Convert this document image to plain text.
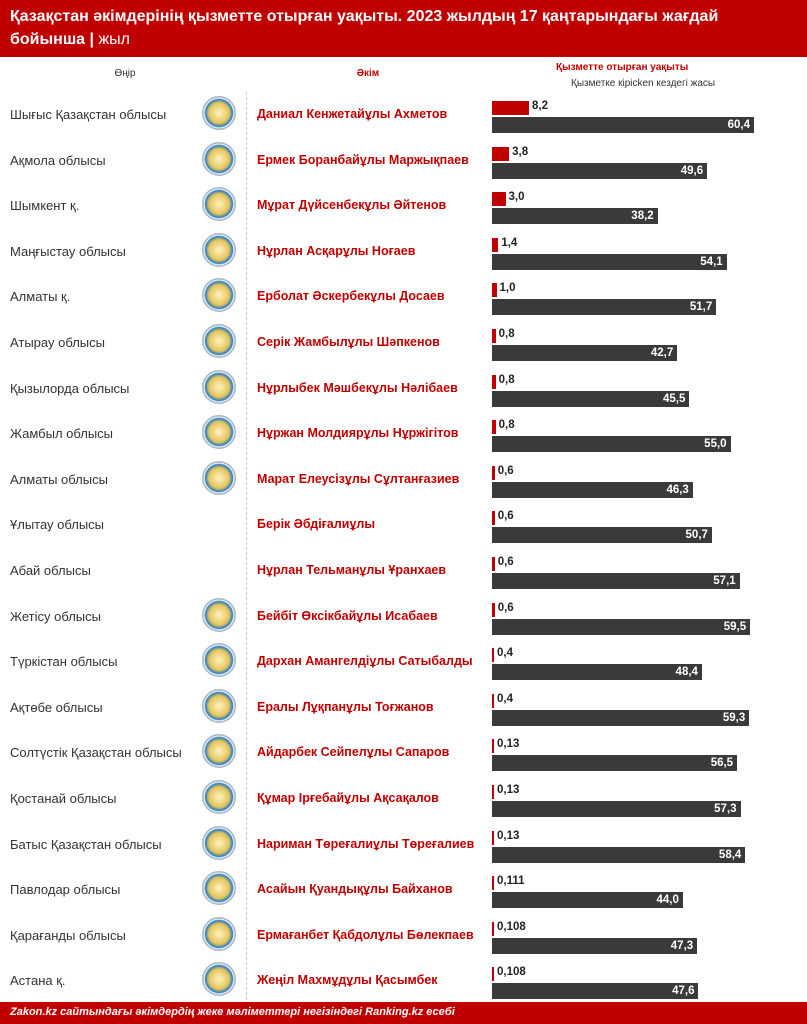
Қазақстан әкімдерінің қызметте отырған уақыты. 2023 жылдың 17 қаңтарындағы жағдай бойынша | жыл
Өңір	Әкім
Қызметте отырған уақыты
Қызметке кірісken кездегі жасы
Шығыс Қазақстан облысы	Даниал Кенжетайұлы Ахметов
8,2
60,4
Ақмола облысы	Ермек Боранбайұлы Маржықпаев
3,8
49,6
Шымкент қ.	Мұрат Дүйсенбекұлы Әйтенов
3,0
38,2
Маңғыстау облысы	Нұрлан Асқарұлы Ноғаев
1,4
54,1
Алматы қ.	Ерболат Әскербекұлы Досаев
1,0
51,7
Атырау облысы	Серік Жамбылұлы Шәпкенов
0,8
42,7
Қызылорда облысы	Нұрлыбек Мәшбекұлы Нәлібаев
0,8
45,5
Жамбыл облысы	Нұржан Молдиярұлы Нұржігітов
0,8
55,0
Алматы облысы	Марат Елеусізұлы Сұлтанғазиев
0,6
46,3
Ұлытау облысы	Берік Әбдіғалиұлы
0,6
50,7
Абай облысы	Нұрлан Тельманұлы Ұранхаев
0,6
57,1
Жетісу облысы	Бейбіт Өксікбайұлы Исабаев
0,6
59,5
Түркістан облысы	Дархан Амангелдіұлы Сатыбалды
0,4
48,4
Ақтөбе облысы	Ералы Лұқпанұлы Тоғжанов
0,4
59,3
Солтүстік Қазақстан облысы	Айдарбек Сейпелұлы Сапаров
0,13
56,5
Қостанай облысы	Құмар Ірғебайұлы Ақсақалов
0,13
57,3
Батыс Қазақстан облысы	Нариман Төреғалиұлы Төреғалиев
0,13
58,4
Павлодар облысы	Асайын Қуандықұлы Байханов
0,111
44,0
Қарағанды облысы	Ермағанбет Қабдолұлы Бөлекпаев
0,108
47,3
Астана қ.	Жеңіл Махмұдұлы Қасымбек
0,108
47,6
Zakon.kz сайтындағы әкімдердің жеке мәліметтері негізіндегі Ranking.kz есебі
